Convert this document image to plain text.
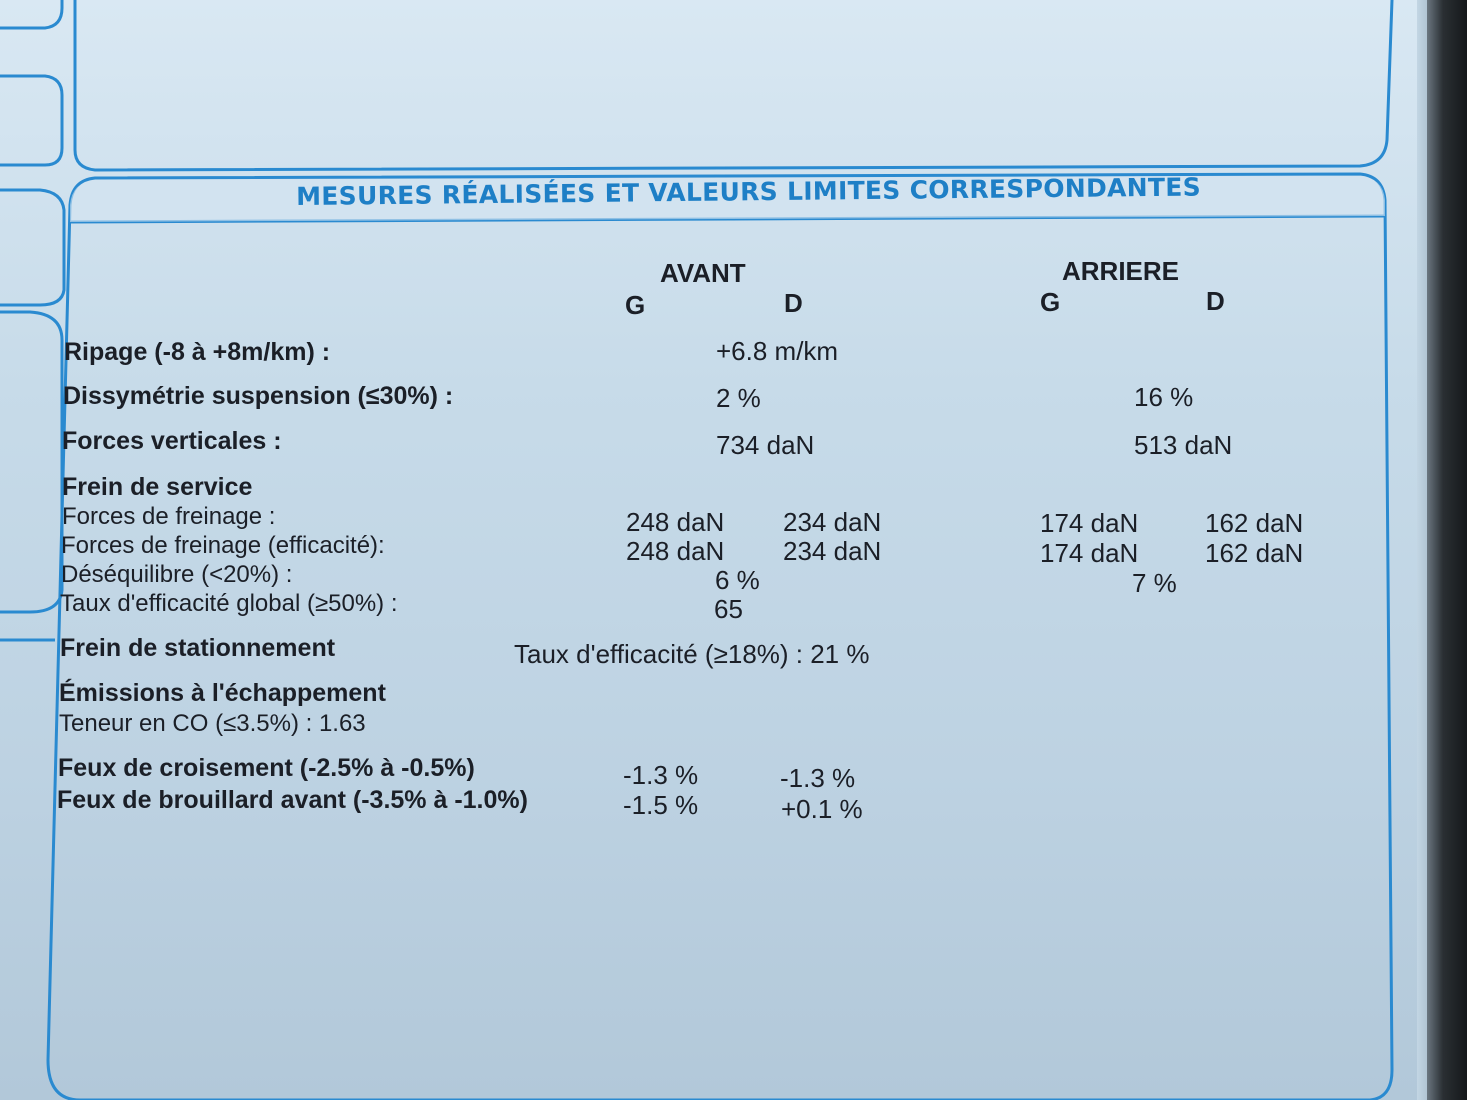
MESURES RÉALISÉES ET VALEURS LIMITES CORRESPONDANTES
AVANT	ARRIERE
G	D	G	D
Ripage (-8 à +8m/km) :	+6.8 m/km
Dissymétrie suspension (≤30%) :	2 %	16 %
Forces verticales :	734 daN	513 daN
Frein de service
Forces de freinage :	248 daN 234 daN	174 daN	162 daN
Forces de freinage (efficacité):	248 daN 234 daN	174 daN	162 daN
Déséquilibre (<20%) :	6 %	7 %
Taux d'efficacité global (≥50%) :	65
Frein de stationnement	Taux d'efficacité (≥18%) : 21 %
Émissions à l'échappement
Teneur en CO (≤3.5%) : 1.63
Feux de croisement (-2.5% à -0.5%)	-1.3 %	-1.3 %
Feux de brouillard avant (-3.5% à -1.0%)	-1.5 %	+0.1 %
